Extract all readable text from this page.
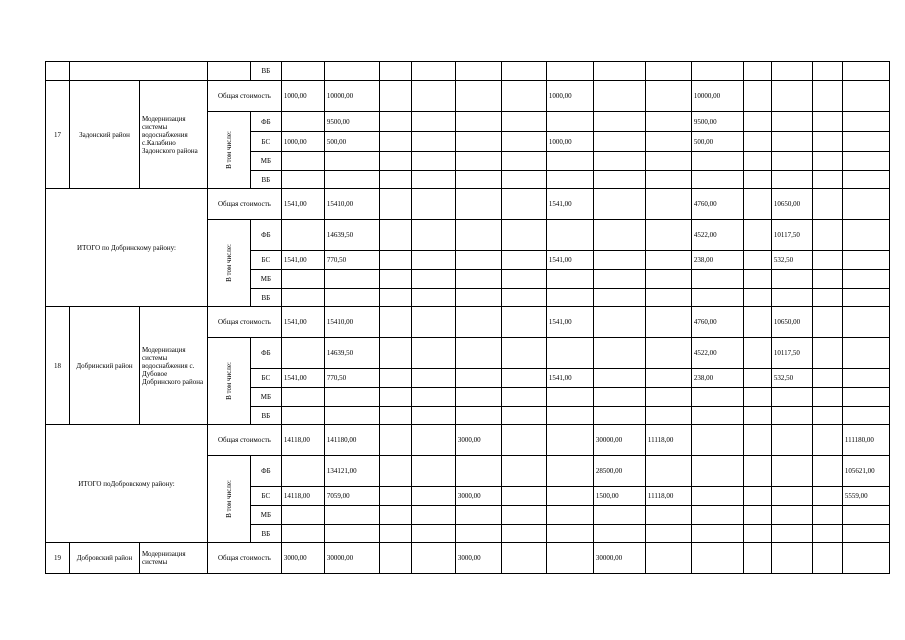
				ВБ														
17	Задонский район	Модернизация системы водоснабжения с.Калабино Задонского района	Общая стоимость		1000,00	10000,00					1000,00			10000,00				
			В том числе:	ФБ		9500,00								9500,00				
				БС	1000,00	500,00					1000,00			500,00				
				МБ														
				ВБ														
ИТОГО по Добринскому району:			Общая стоимость		1541,00	15410,00					1541,00			4760,00		10650,00		
			В том числе:	ФБ		14639,50								4522,00		10117,50		
				БС	1541,00	770,50					1541,00			238,00		532,50		
				МБ														
				ВБ														
18	Добринский район	Модернизация системы водоснабжения с. Дубовое Добринского района	Общая стоимость		1541,00	15410,00					1541,00			4760,00		10650,00		
			В том числе:	ФБ		14639,50								4522,00		10117,50		
				БС	1541,00	770,50					1541,00			238,00		532,50		
				МБ														
				ВБ														
ИТОГО поДобровскому району:			Общая стоимость		14118,00	141180,00			3000,00			30000,00	11118,00					111180,00
			В том числе:	ФБ		134121,00						28500,00						105621,00
				БС	14118,00	7059,00			3000,00			1500,00	11118,00					5559,00
				МБ														
				ВБ														
19	Добровский район	Модернизация системы	Общая стоимость		3000,00	30000,00			3000,00			30000,00						
